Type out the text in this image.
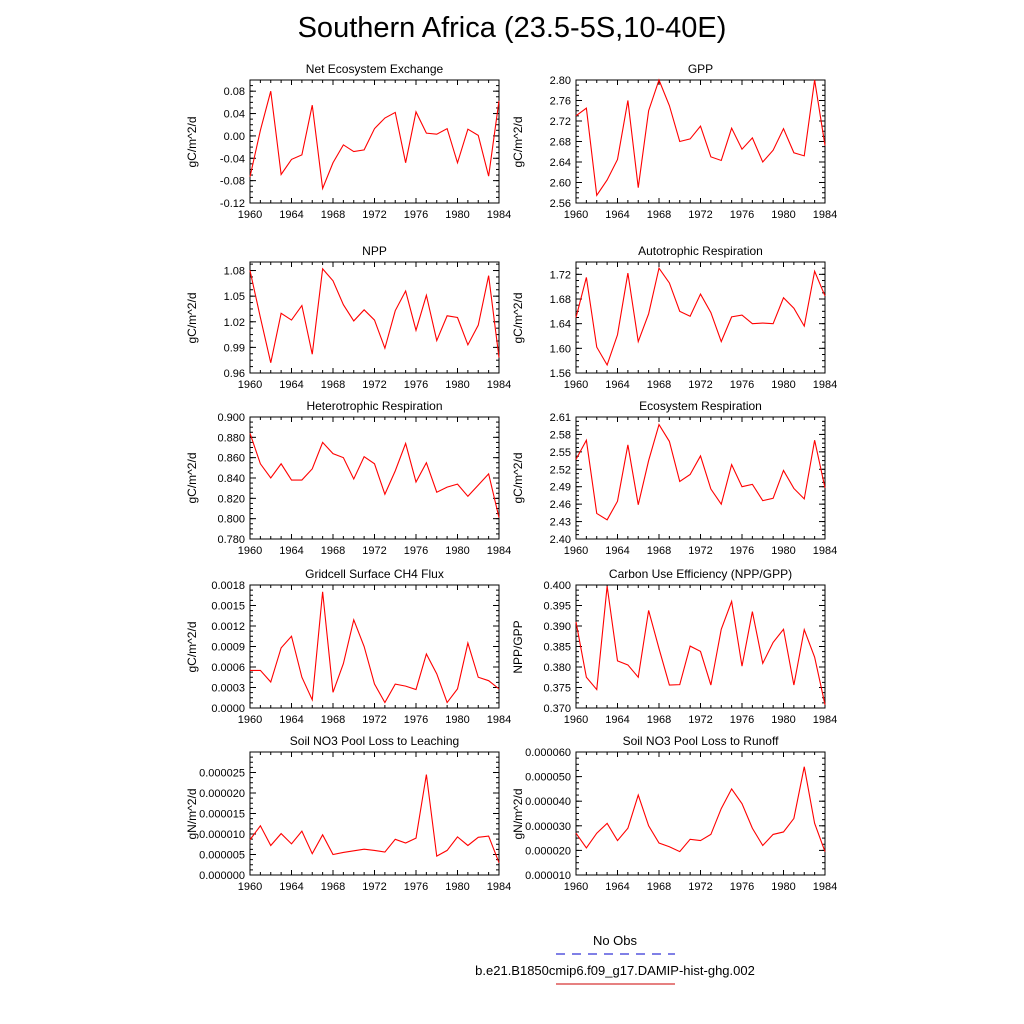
Southern Africa (23.5-5S,10-40E)
Net Ecosystem Exchange
gC/m^2/d
1960 1964 1968 1972 1976 1980 1984
-0.12
-0.08
-0.04
0.00
0.04
0.08
GPP
gC/m^2/d
1960 1964 1968 1972 1976 1980 1984
2.56
2.60
2.64
2.68
2.72
2.76
2.80
NPP
gC/m^2/d
1960 1964 1968 1972 1976 1980 1984
0.96
0.99
1.02
1.05
1.08
Autotrophic Respiration
gC/m^2/d
1960 1964 1968 1972 1976 1980 1984
1.56
1.60
1.64
1.68
1.72
Heterotrophic Respiration
gC/m^2/d
1960 1964 1968 1972 1976 1980 1984
0.780
0.800
0.820
0.840
0.860
0.880
0.900
Ecosystem Respiration
gC/m^2/d
1960 1964 1968 1972 1976 1980 1984
2.40
2.43
2.46
2.49
2.52
2.55
2.58
2.61
Gridcell Surface CH4 Flux
gC/m^2/d
1960 1964 1968 1972 1976 1980 1984
0.0000
0.0003
0.0006
0.0009
0.0012
0.0015
0.0018
Carbon Use Efficiency (NPP/GPP)
NPP/GPP
1960 1964 1968 1972 1976 1980 1984
0.370
0.375
0.380
0.385
0.390
0.395
0.400
Soil NO3 Pool Loss to Leaching
gN/m^2/d
1960 1964 1968 1972 1976 1980 1984
0.000000
0.000005
0.000010
0.000015
0.000020
0.000025
Soil NO3 Pool Loss to Runoff
gN/m^2/d
1960 1964 1968 1972 1976 1980 1984
0.000010
0.000020
0.000030
0.000040
0.000050
0.000060
No Obs
b.e21.B1850cmip6.f09_g17.DAMIP-hist-ghg.002
